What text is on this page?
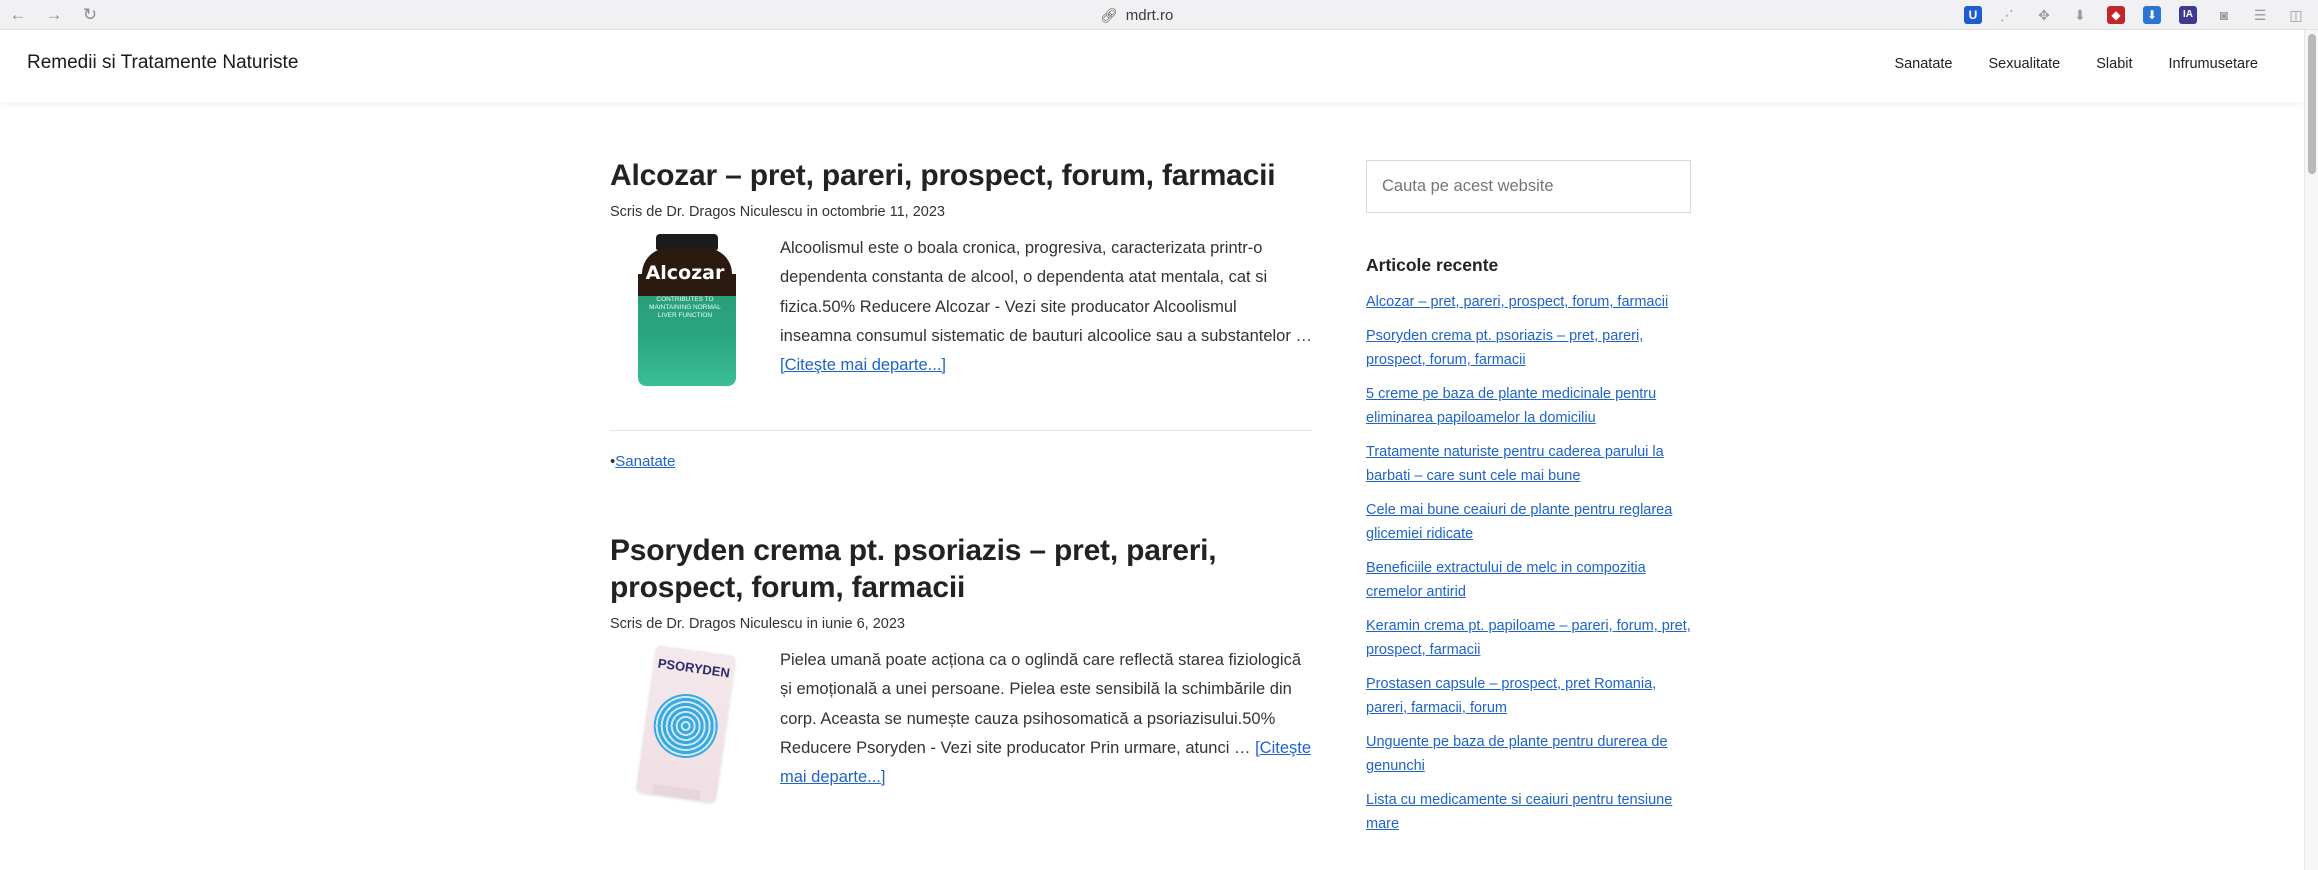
← → ↻	🔗︎ mdrt.ro	U	⋰ ✥ ⬇	◆	⬇	IA	◙	☰ ◫
Remedii si Tratamente Naturiste	Sanatate Sexualitate Slabit Infrumusetare
Alcozar – pret, pareri, prospect, forum, farmacii
Scris de Dr. Dragos Niculescu in octombrie 11, 2023
Alcozar
CONTRIBUTES TO MAINTAINING NORMAL LIVER FUNCTION

Alcoolismul este o boala cronica, progresiva, caracterizata printr-o dependenta constanta de alcool, o dependenta atat mentala, cat si fizica.50% Reducere Alcozar - Vezi site producator Alcoolismul inseamna consumul sistematic de bauturi alcoolice sau a substantelor … [Citeşte mai departe...]

•Sanatate
Psoryden crema pt. psoriazis – pret, pareri, prospect, forum, farmacii
Scris de Dr. Dragos Niculescu in iunie 6, 2023
PSORYDEN	Pielea umană poate acționa ca o oglindă care reflectă starea fiziologică și emoțională a unei persoane. Pielea este sensibilă la schimbările din corp. Aceasta se numește cauza psihosomatică a psoriazisului.50% Reducere Psoryden - Vezi site producator Prin urmare, atunci … [Citeşte mai departe...]

Cauta pe acest website
Articole recente
Alcozar – pret, pareri, prospect, forum, farmacii
Psoryden crema pt. psoriazis – pret, pareri, prospect, forum, farmacii
5 creme pe baza de plante medicinale pentru eliminarea papiloamelor la domiciliu
Tratamente naturiste pentru caderea parului la barbati – care sunt cele mai bune
Cele mai bune ceaiuri de plante pentru reglarea glicemiei ridicate
Beneficiile extractului de melc in compozitia cremelor antirid
Keramin crema pt. papiloame – pareri, forum, pret, prospect, farmacii
Prostasen capsule – prospect, pret Romania, pareri, farmacii, forum
Unguente pe baza de plante pentru durerea de genunchi
Lista cu medicamente si ceaiuri pentru tensiune mare
